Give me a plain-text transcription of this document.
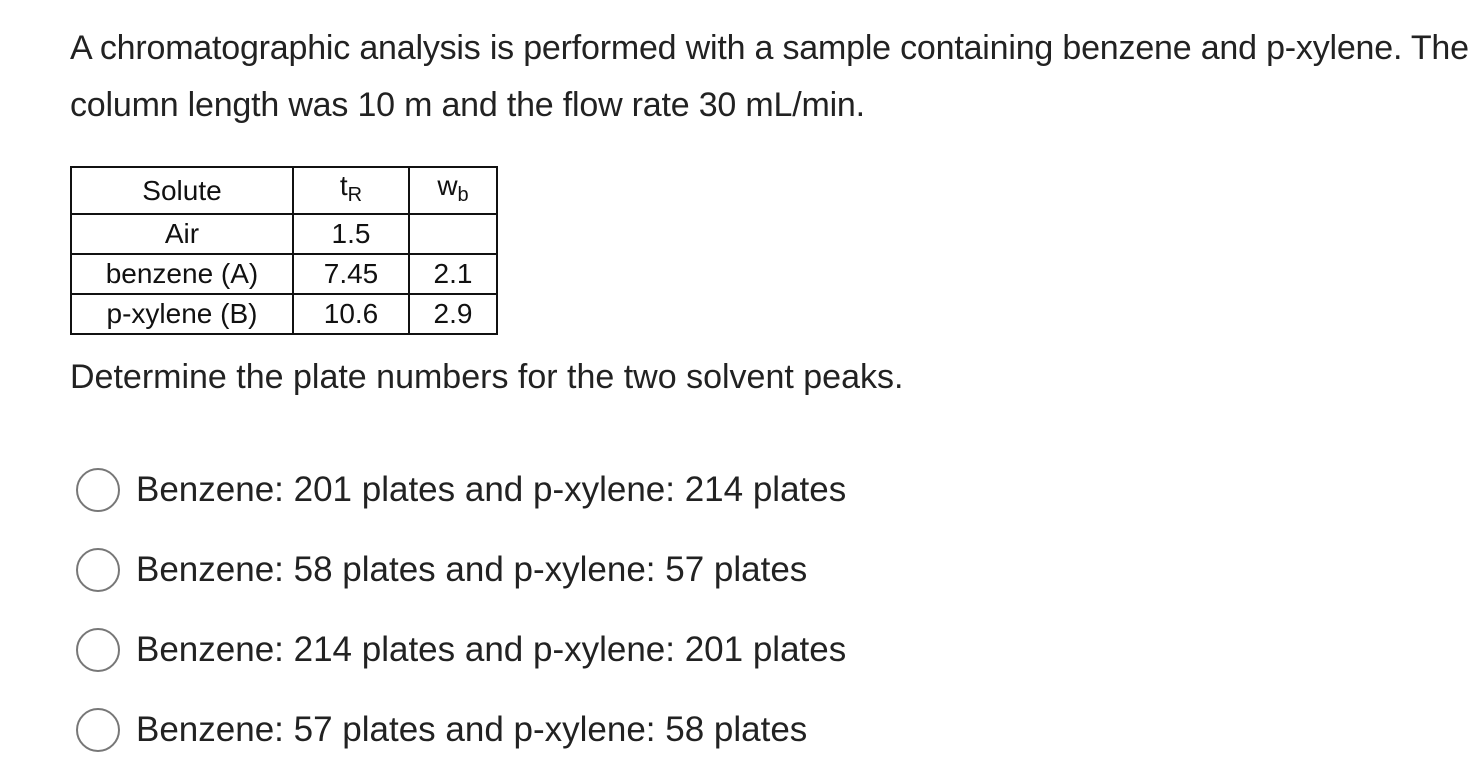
A chromatographic analysis is performed with a sample containing benzene and p-xylene. The column length was 10 m and the flow rate 30 mL/min.
Solute	$t_R$	$w_b$
Air	1.5	
benzene (A)	7.45	2.1
p-xylene (B)	10.6	2.9
Determine the plate numbers for the two solvent peaks.
Benzene: 201 plates and p-xylene: 214 plates
Benzene: 58 plates and p-xylene: 57 plates
Benzene: 214 plates and p-xylene: 201 plates
Benzene: 57 plates and p-xylene: 58 plates
